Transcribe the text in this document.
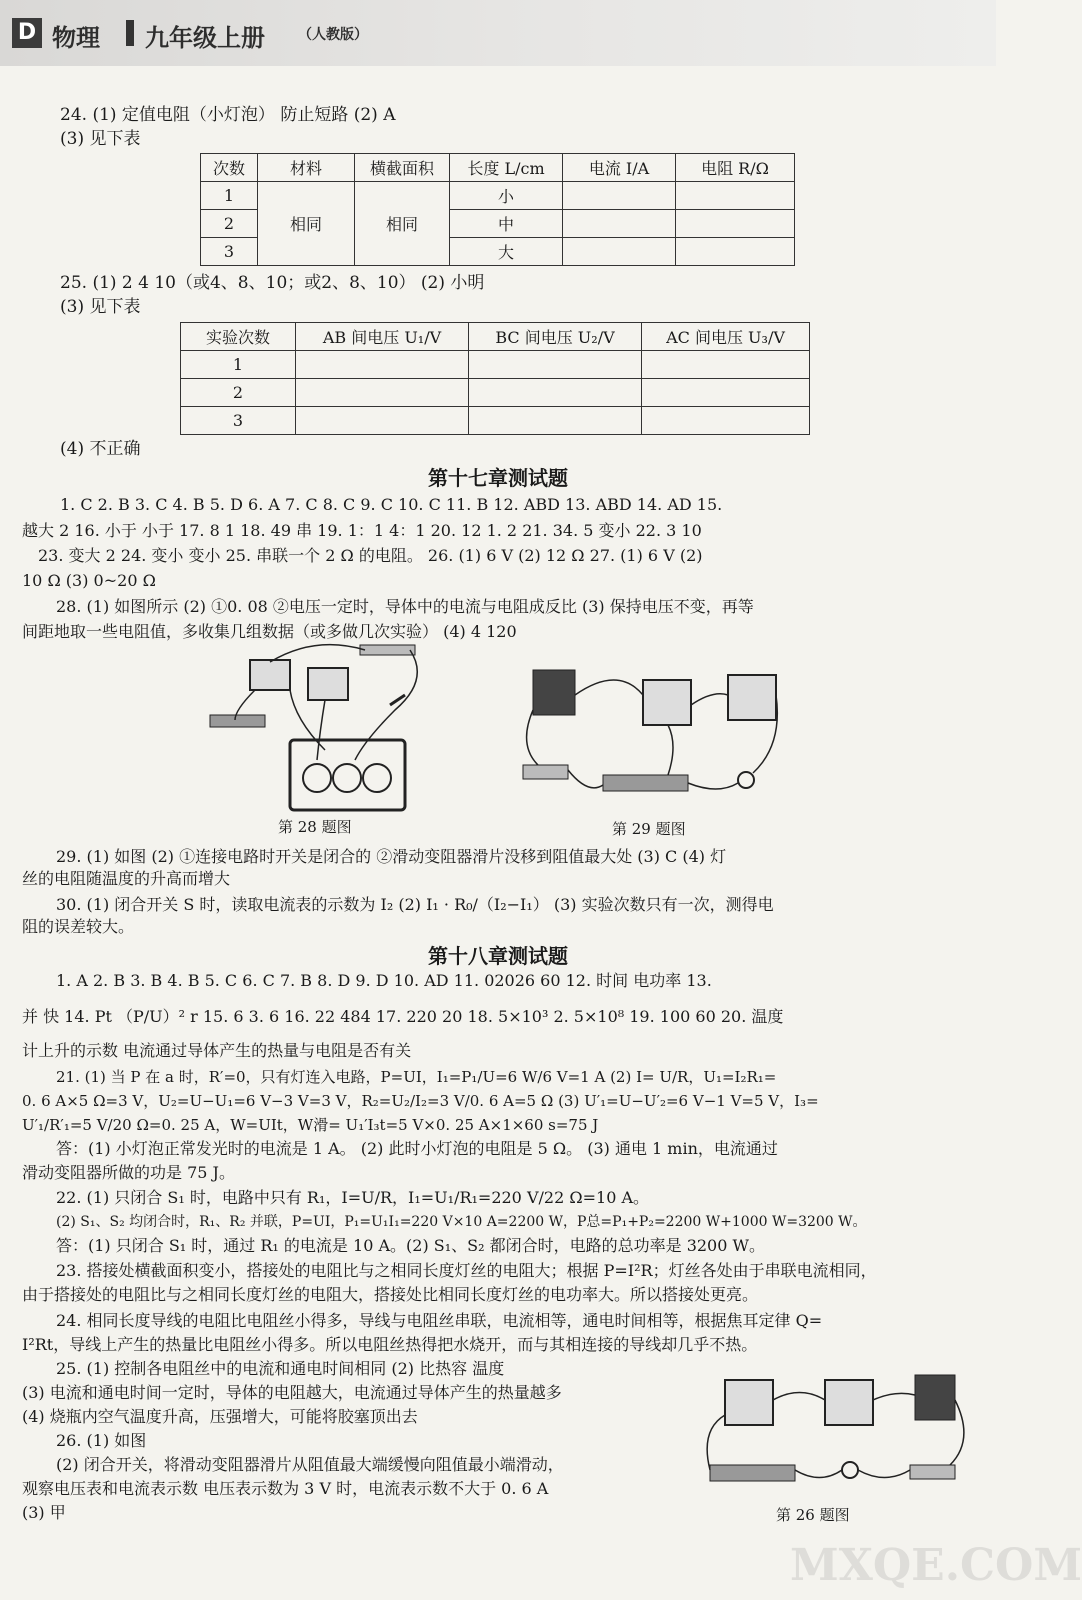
D 物理 九年级上册 （人教版）
24. (1) 定值电阻（小灯泡） 防止短路 (2) A
(3) 见下表
次数	材料	横截面积	长度 L/cm	电流 I/A	电阻 R/Ω
1	相同	相同	小		
2			中		
3			大		
25. (1) 2 4 10（或4、8、10；或2、8、10） (2) 小明
(3) 见下表
实验次数	AB 间电压 U₁/V	BC 间电压 U₂/V	AC 间电压 U₃/V
1			
2			
3			
(4) 不正确
第十七章测试题
1. C 2. B 3. C 4. B 5. D 6. A 7. C 8. C 9. C 10. C 11. B 12. ABD 13. ABD 14. AD 15.
越大 2 16. 小于 小于 17. 8 1 18. 49 串 19. 1：1 4：1 20. 12 1. 2 21. 34. 5 变小 22. 3 10
23. 变大 2 24. 变小 变小 25. 串联一个 2 Ω 的电阻。 26. (1) 6 V (2) 12 Ω 27. (1) 6 V (2)
10 Ω (3) 0~20 Ω
28. (1) 如图所示 (2) ①0. 08 ②电压一定时，导体中的电流与电阻成反比 (3) 保持电压不变，再等
间距地取一些电阻值，多收集几组数据（或多做几次实验） (4) 4 120
第 28 题图	第 29 题图
29. (1) 如图 (2) ①连接电路时开关是闭合的 ②滑动变阻器滑片没移到阻值最大处 (3) C (4) 灯
丝的电阻随温度的升高而增大
30. (1) 闭合开关 S 时，读取电流表的示数为 I₂ (2) I₁ · R₀/（I₂−I₁） (3) 实验次数只有一次，测得电
阻的误差较大。
第十八章测试题
1. A 2. B 3. B 4. B 5. C 6. C 7. B 8. D 9. D 10. AD 11. 02026 60 12. 时间 电功率 13.
并 快 14. Pt （P/U）² r 15. 6 3. 6 16. 22 484 17. 220 20 18. 5×10³ 2. 5×10⁸ 19. 100 60 20. 温度
计上升的示数 电流通过导体产生的热量与电阻是否有关
21. (1) 当 P 在 a 时，R′=0，只有灯连入电路，P=UI，I₁=P₁/U=6 W/6 V=1 A (2) I= U/R，U₁=I₂R₁=
0. 6 A×5 Ω=3 V，U₂=U−U₁=6 V−3 V=3 V，R₂=U₂/I₂=3 V/0. 6 A=5 Ω (3) U′₁=U−U′₂=6 V−1 V=5 V，I₃=
U′₁/R′₁=5 V/20 Ω=0. 25 A，W=UIt，W滑= U₁′I₃t=5 V×0. 25 A×1×60 s=75 J
答：(1) 小灯泡正常发光时的电流是 1 A。 (2) 此时小灯泡的电阻是 5 Ω。 (3) 通电 1 min，电流通过
滑动变阻器所做的功是 75 J。
22. (1) 只闭合 S₁ 时，电路中只有 R₁，I=U/R，I₁=U₁/R₁=220 V/22 Ω=10 A。
(2) S₁、S₂ 均闭合时，R₁、R₂ 并联，P=UI，P₁=U₁I₁=220 V×10 A=2200 W，P总=P₁+P₂=2200 W+1000 W=3200 W。
答：(1) 只闭合 S₁ 时，通过 R₁ 的电流是 10 A。(2) S₁、S₂ 都闭合时，电路的总功率是 3200 W。
23. 搭接处横截面积变小，搭接处的电阻比与之相同长度灯丝的电阻大；根据 P=I²R；灯丝各处由于串联电流相同，
由于搭接处的电阻比与之相同长度灯丝的电阻大，搭接处比相同长度灯丝的电功率大。所以搭接处更亮。
24. 相同长度导线的电阻比电阻丝小得多，导线与电阻丝串联，电流相等，通电时间相等，根据焦耳定律 Q=
I²Rt，导线上产生的热量比电阻丝小得多。所以电阻丝热得把水烧开，而与其相连接的导线却几乎不热。
25. (1) 控制各电阻丝中的电流和通电时间相同 (2) 比热容 温度
(3) 电流和通电时间一定时，导体的电阻越大，电流通过导体产生的热量越多
(4) 烧瓶内空气温度升高，压强增大，可能将胶塞顶出去
26. (1) 如图
(2) 闭合开关，将滑动变阻器滑片从阻值最大端缓慢向阻值最小端滑动，
观察电压表和电流表示数 电压表示数为 3 V 时，电流表示数不大于 0. 6 A
(3) 甲	第 26 题图
MXQE.COM
